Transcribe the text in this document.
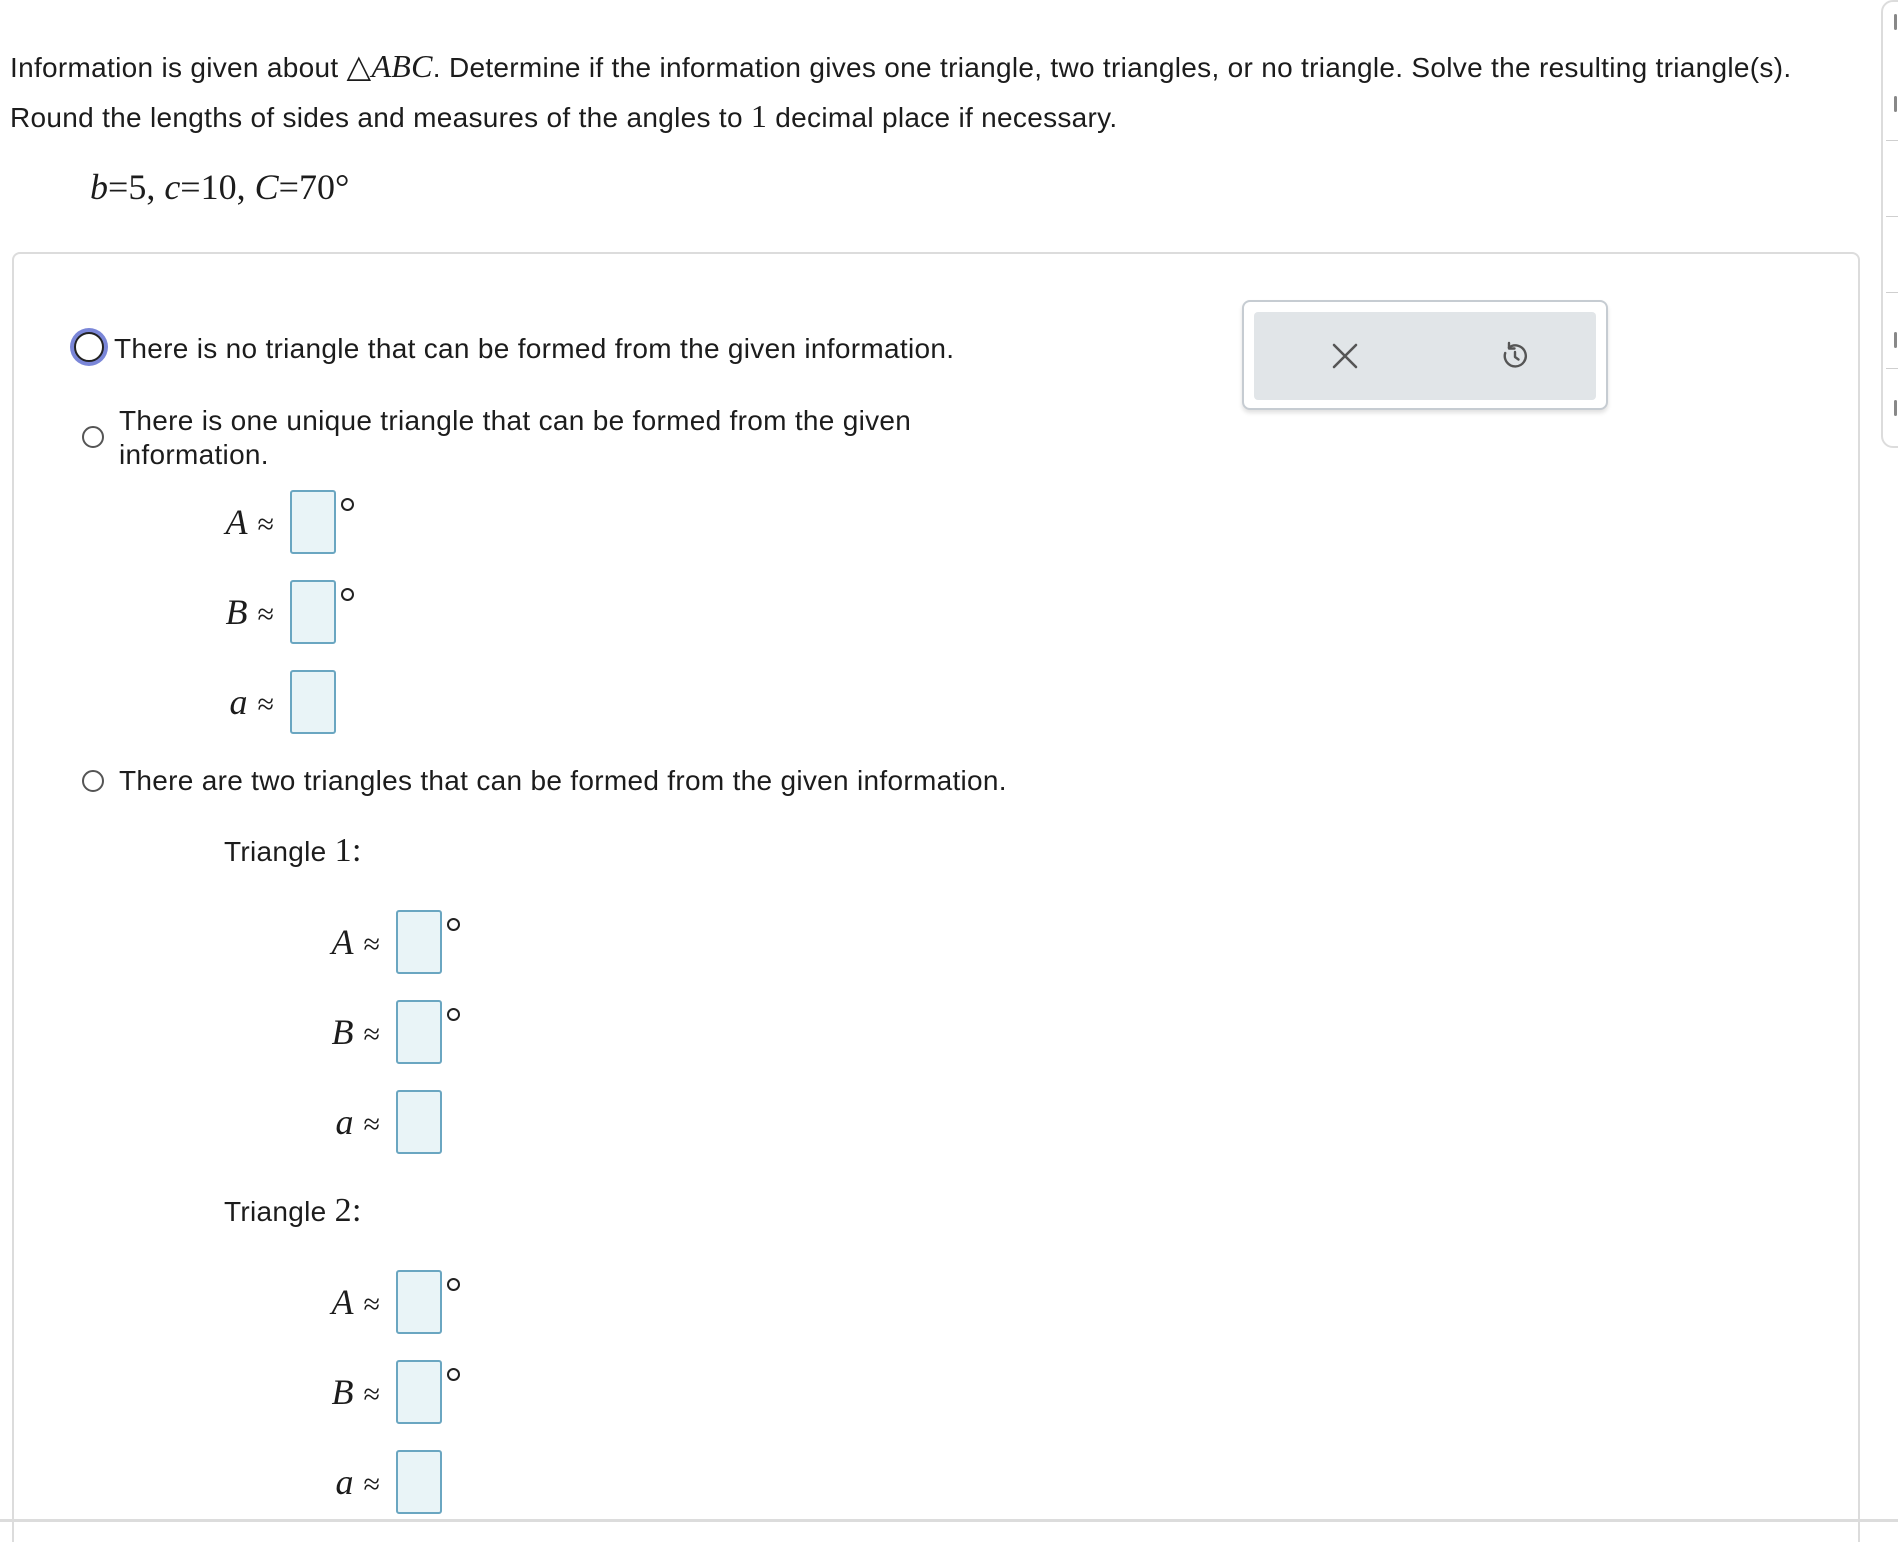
Information is given about △ABC. Determine if the information gives one triangle, two triangles, or no triangle. Solve the resulting triangle(s). Round the lengths of sides and measures of the angles to 1 decimal place if necessary.
b=5, c=10, C=70°
There is no triangle that can be formed from the given information.
There is one unique triangle that can be formed from the given information.
A ≈
B ≈
a ≈
There are two triangles that can be formed from the given information.
Triangle 1:
A ≈
B ≈
a ≈
Triangle 2:
A ≈
B ≈
a ≈
